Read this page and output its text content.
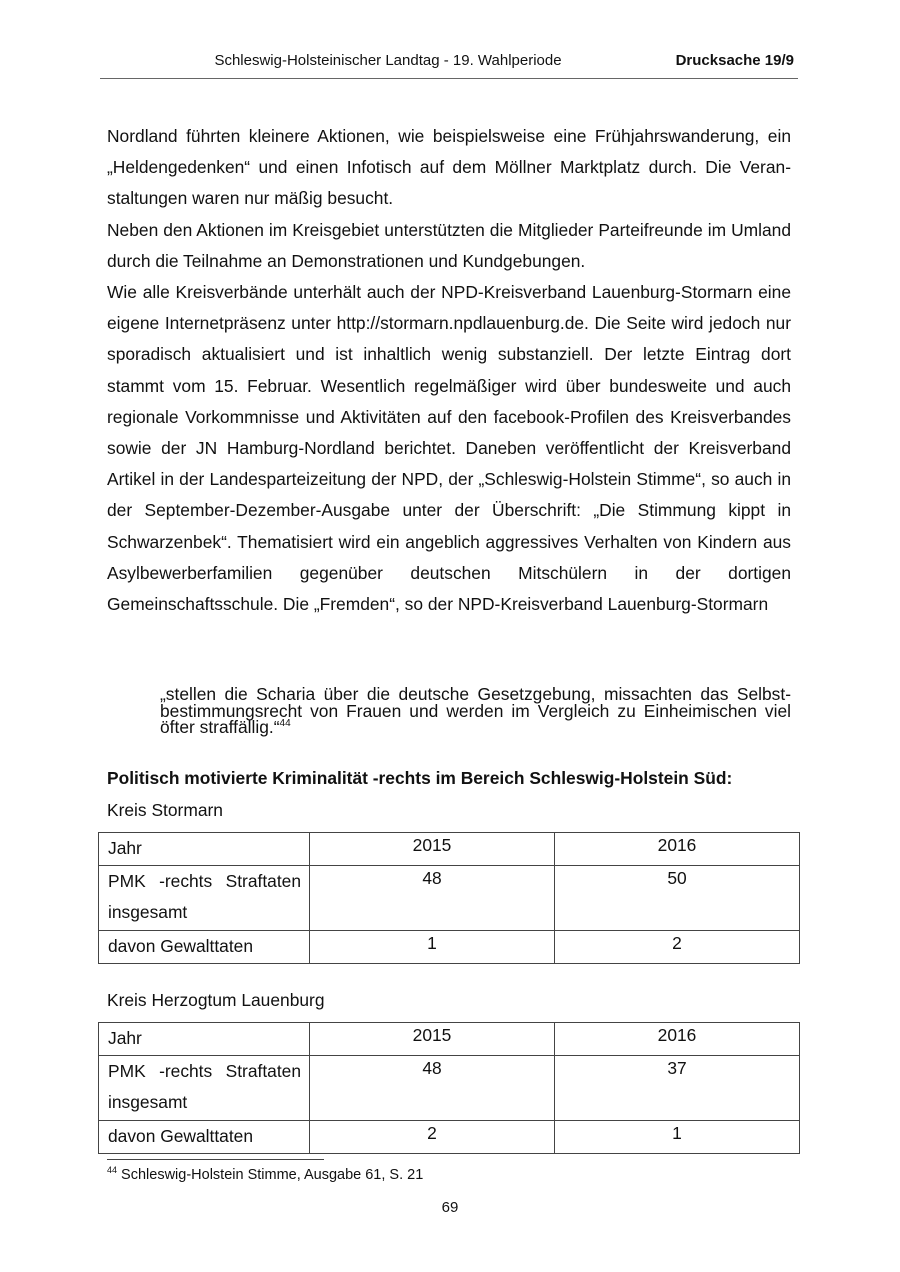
Schleswig-Holsteinischer Landtag - 19. Wahlperiode	Drucksache 19/9

Nordland führten kleinere Aktionen, wie beispielsweise eine Frühjahrswanderung, ein „Heldengedenken“ und einen Infotisch auf dem Möllner Marktplatz durch. Die Veranstaltungen waren nur mäßig besucht.

Neben den Aktionen im Kreisgebiet unterstützten die Mitglieder Parteifreunde im Umland durch die Teilnahme an Demonstrationen und Kundgebungen.

Wie alle Kreisverbände unterhält auch der NPD-Kreisverband Lauenburg-Stormarn eine eigene Internetpräsenz unter http://stormarn.npdlauenburg.de. Die Seite wird jedoch nur sporadisch aktualisiert und ist inhaltlich wenig substanziell. Der letzte Eintrag dort stammt vom 15. Februar. Wesentlich regelmäßiger wird über bundesweite und auch regionale Vorkommnisse und Aktivitäten auf den facebook-Profilen des Kreisverbandes sowie der JN Hamburg-Nordland berichtet. Daneben veröffentlicht der Kreisverband Artikel in der Landesparteizeitung der NPD, der „Schleswig-Holstein Stimme“, so auch in der September-Dezember-Ausgabe unter der Überschrift: „Die Stimmung kippt in Schwarzenbek“. Thematisiert wird ein angeblich aggressives Verhalten von Kindern aus Asylbewerberfamilien gegenüber deutschen Mitschülern in der dortigen Gemeinschaftsschule. Die „Fremden“, so der NPD-Kreisverband Lauenburg-Stormarn

„stellen die Scharia über die deutsche Gesetzgebung, missachten das Selbstbestimmungsrecht von Frauen und werden im Vergleich zu Einheimischen viel öfter straffällig.“$^{44}$
Politisch motivierte Kriminalität -rechts im Bereich Schleswig-Holstein Süd:
Kreis Stormarn
Jahr	2015	2016
PMK -rechts Straftaten insgesamt	48	50
davon Gewalttaten	1	2
Kreis Herzogtum Lauenburg
Jahr	2015	2016
PMK -rechts Straftaten insgesamt	48	37
davon Gewalttaten	2	1
$^{44}$ Schleswig-Holstein Stimme, Ausgabe 61, S. 21
69
